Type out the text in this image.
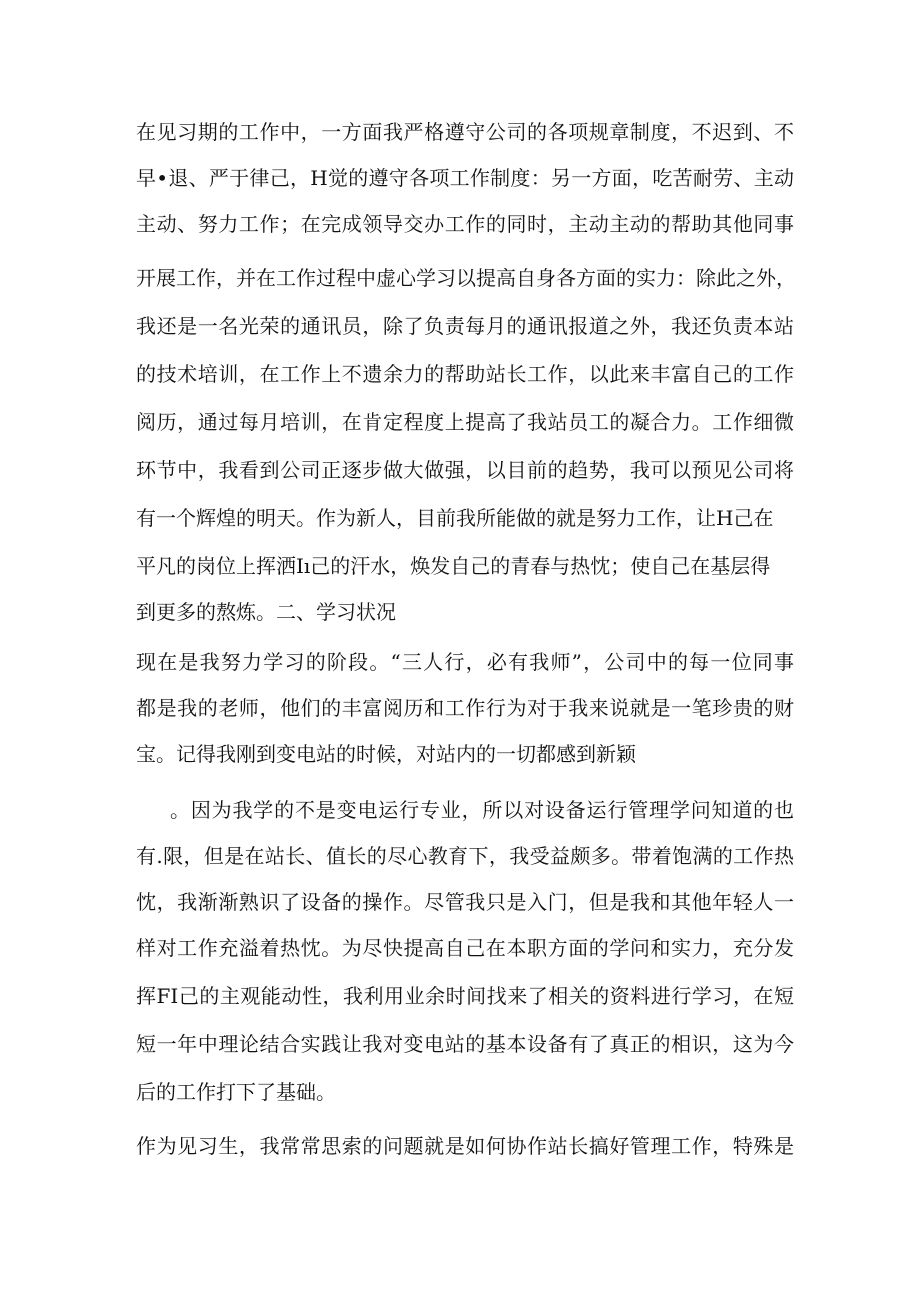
在见习期的工作中，一方面我严格遵守公司的各项规章制度，不迟到、不
早•退、严于律己，H觉的遵守各项工作制度：另一方面，吃苦耐劳、主动
主动、努力工作；在完成领导交办工作的同时，主动主动的帮助其他同事
开展工作，并在工作过程中虚心学习以提高自身各方面的实力：除此之外，
我还是一名光荣的通讯员，除了负责每月的通讯报道之外，我还负责本站
的技术培训，在工作上不遗余力的帮助站长工作，以此来丰富自己的工作
阅历，通过每月培训，在肯定程度上提高了我站员工的凝合力。工作细微
环节中，我看到公司正逐步做大做强，以目前的趋势，我可以预见公司将
有一个辉煌的明天。作为新人，目前我所能做的就是努力工作，让H己在
平凡的岗位上挥洒Iı己的汗水，焕发自己的青春与热忱；使自己在基层得
到更多的熬炼。二、学习状况
现在是我努力学习的阶段。“三人行，必有我师”，公司中的每一位同事
都是我的老师，他们的丰富阅历和工作行为对于我来说就是一笔珍贵的财
宝。记得我刚到变电站的时候，对站内的一切都感到新颖
。因为我学的不是变电运行专业，所以对设备运行管理学问知道的也
有.限，但是在站长、值长的尽心教育下，我受益颇多。带着饱满的工作热
忱，我渐渐熟识了设备的操作。尽管我只是入门，但是我和其他年轻人一
样对工作充溢着热忱。为尽快提高自己在本职方面的学问和实力，充分发
挥FI己的主观能动性，我利用业余时间找来了相关的资料进行学习，在短
短一年中理论结合实践让我对变电站的基本设备有了真正的相识，这为今
后的工作打下了基础。
作为见习生，我常常思索的问题就是如何协作站长搞好管理工作，特殊是
